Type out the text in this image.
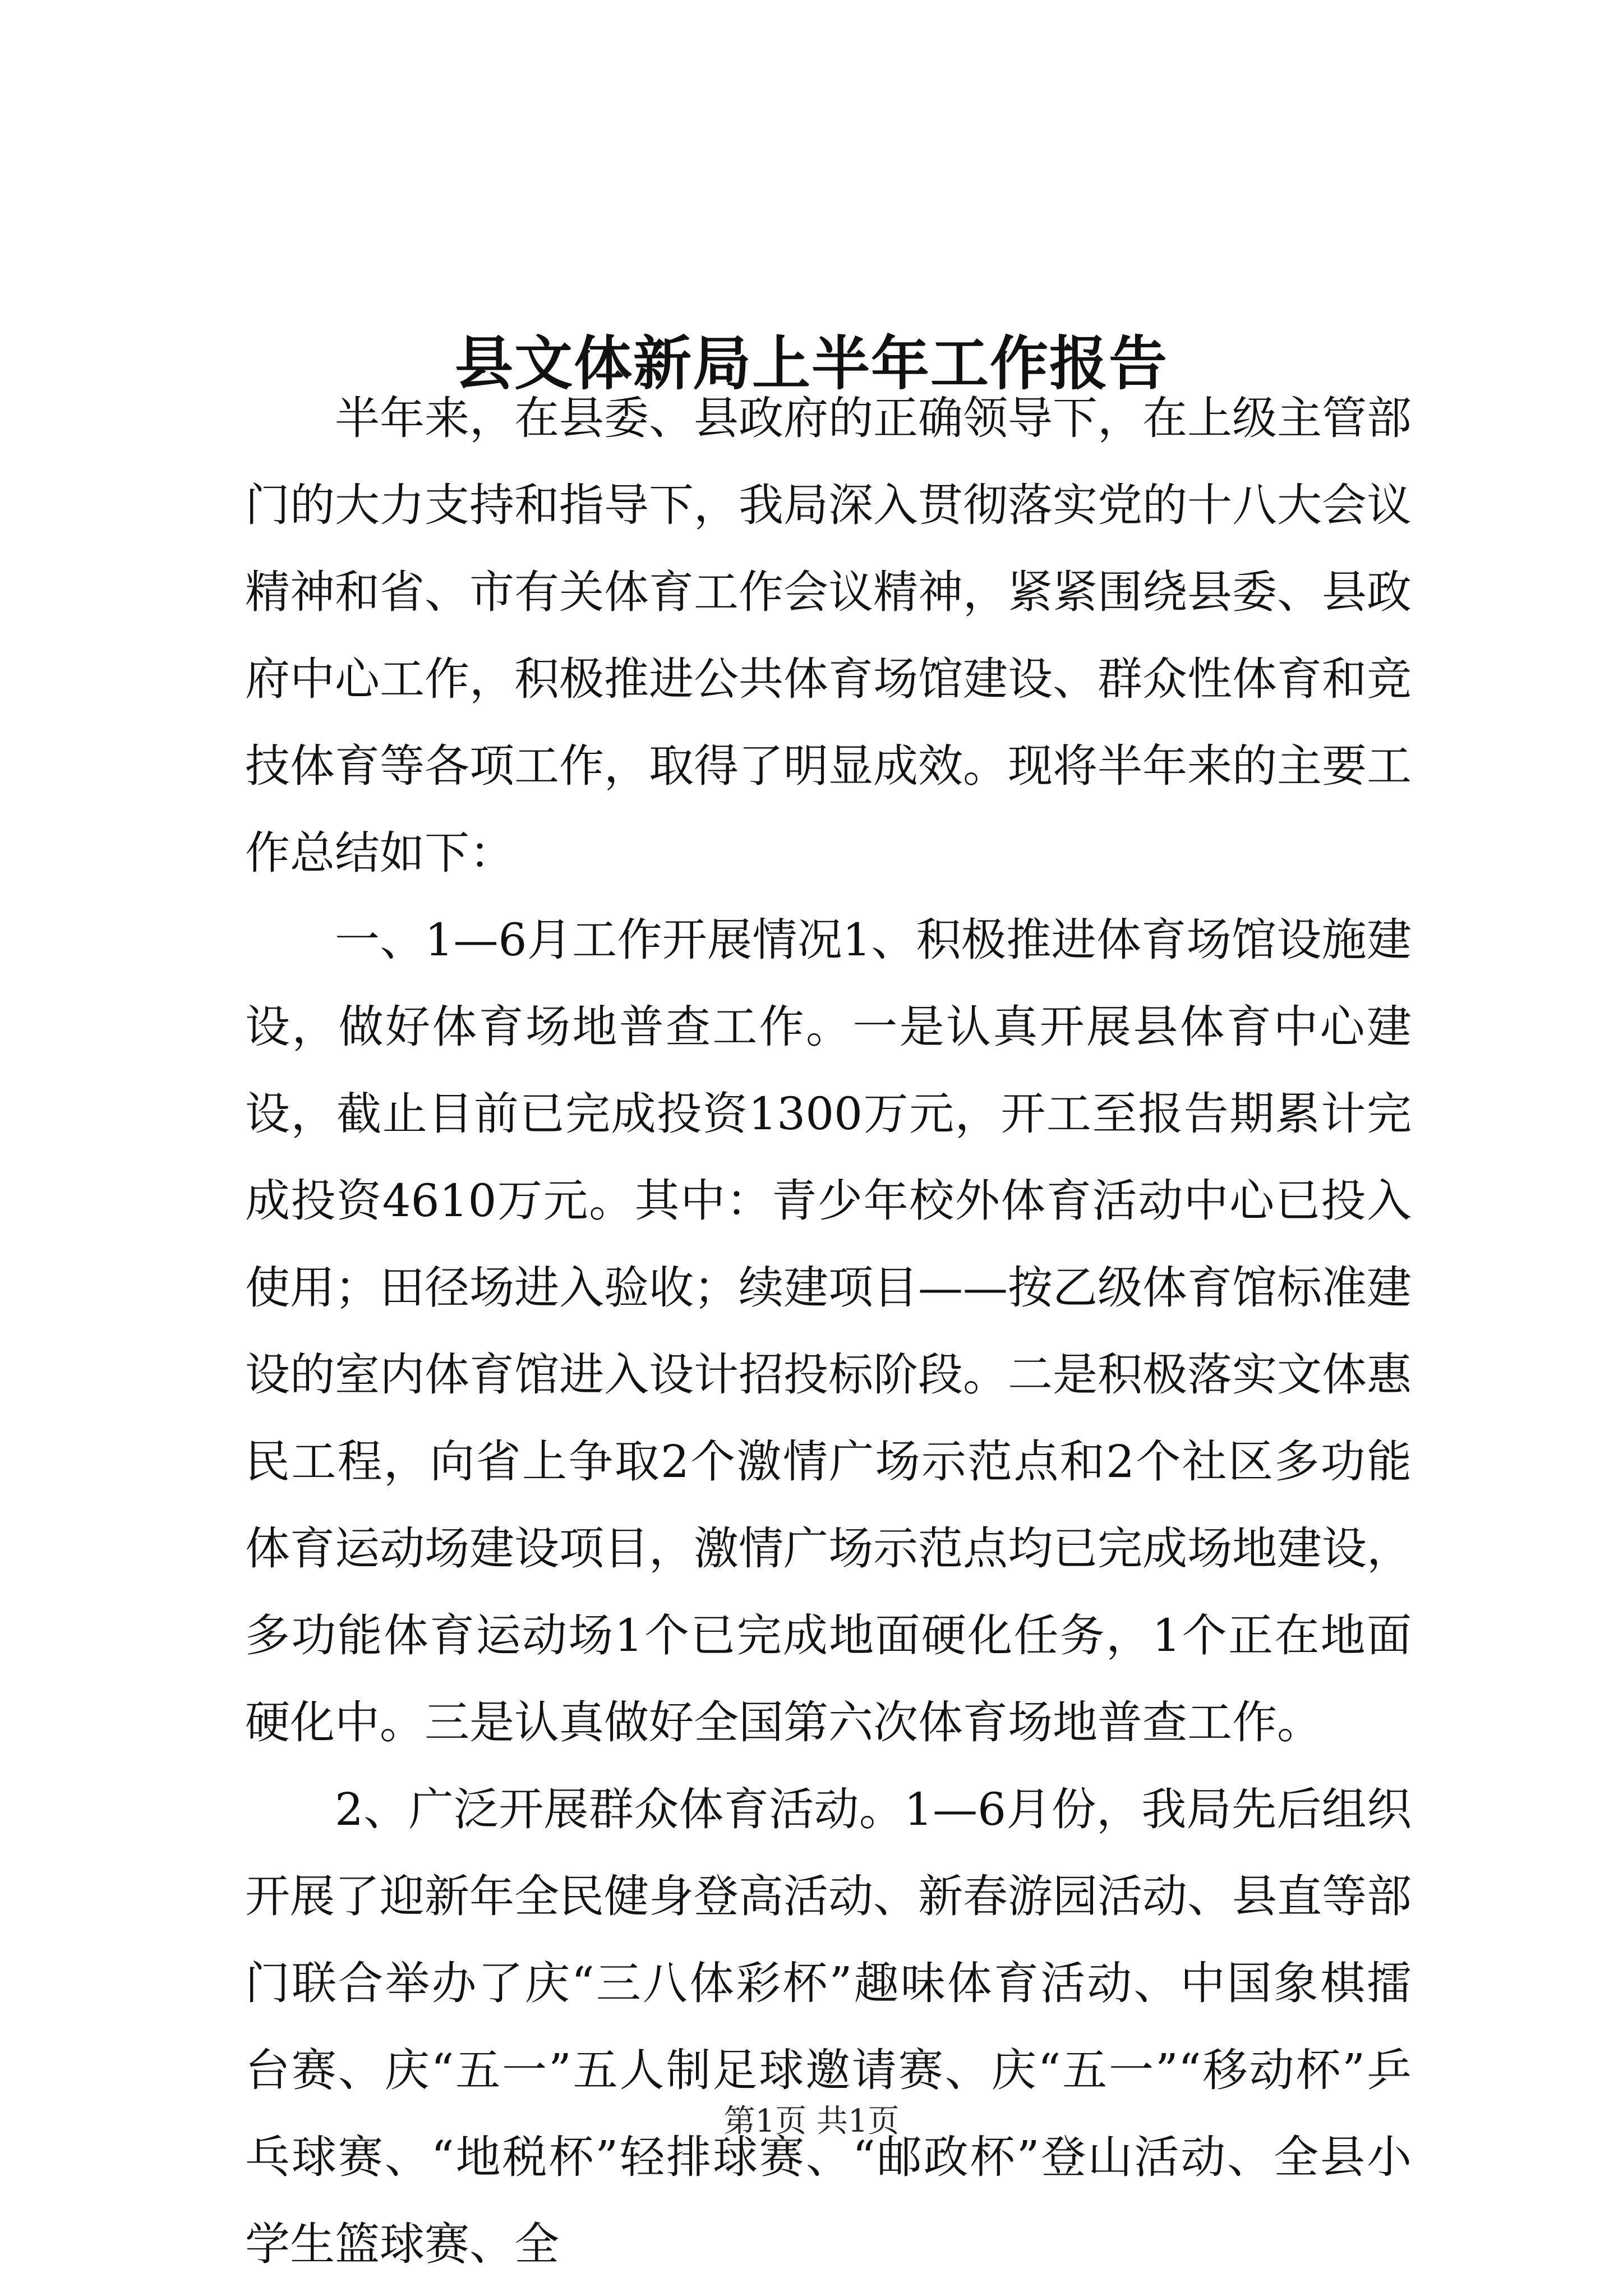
县文体新局上半年工作报告

半年来，在县委、县政府的正确领导下，在上级主管部门的大力支持和指导下，我局深入贯彻落实党的十八大会议精神和省、市有关体育工作会议精神，紧紧围绕县委、县政府中心工作，积极推进公共体育场馆建设、群众性体育和竞技体育等各项工作，取得了明显成效。现将半年来的主要工作总结如下：

一、1—6月工作开展情况1、积极推进体育场馆设施建设，做好体育场地普查工作。一是认真开展县体育中心建设，截止目前已完成投资1300万元，开工至报告期累计完成投资4610万元。其中：青少年校外体育活动中心已投入使用；田径场进入验收；续建项目——按乙级体育馆标准建设的室内体育馆进入设计招投标阶段。二是积极落实文体惠民工程，向省上争取2个激情广场示范点和2个社区多功能体育运动场建设项目，激情广场示范点均已完成场地建设，多功能体育运动场1个已完成地面硬化任务，1个正在地面硬化中。三是认真做好全国第六次体育场地普查工作。

2、广泛开展群众体育活动。1—6月份，我局先后组织开展了迎新年全民健身登高活动、新春游园活动、县直等部门联合举办了庆“三八体彩杯”趣味体育活动、中国象棋擂台赛、庆“五一”五人制足球邀请赛、庆“五一”“移动杯”乒乓球赛、“地税杯”轻排球赛、“邮政杯”登山活动、全县小学生篮球赛、全

第1页 共1页
